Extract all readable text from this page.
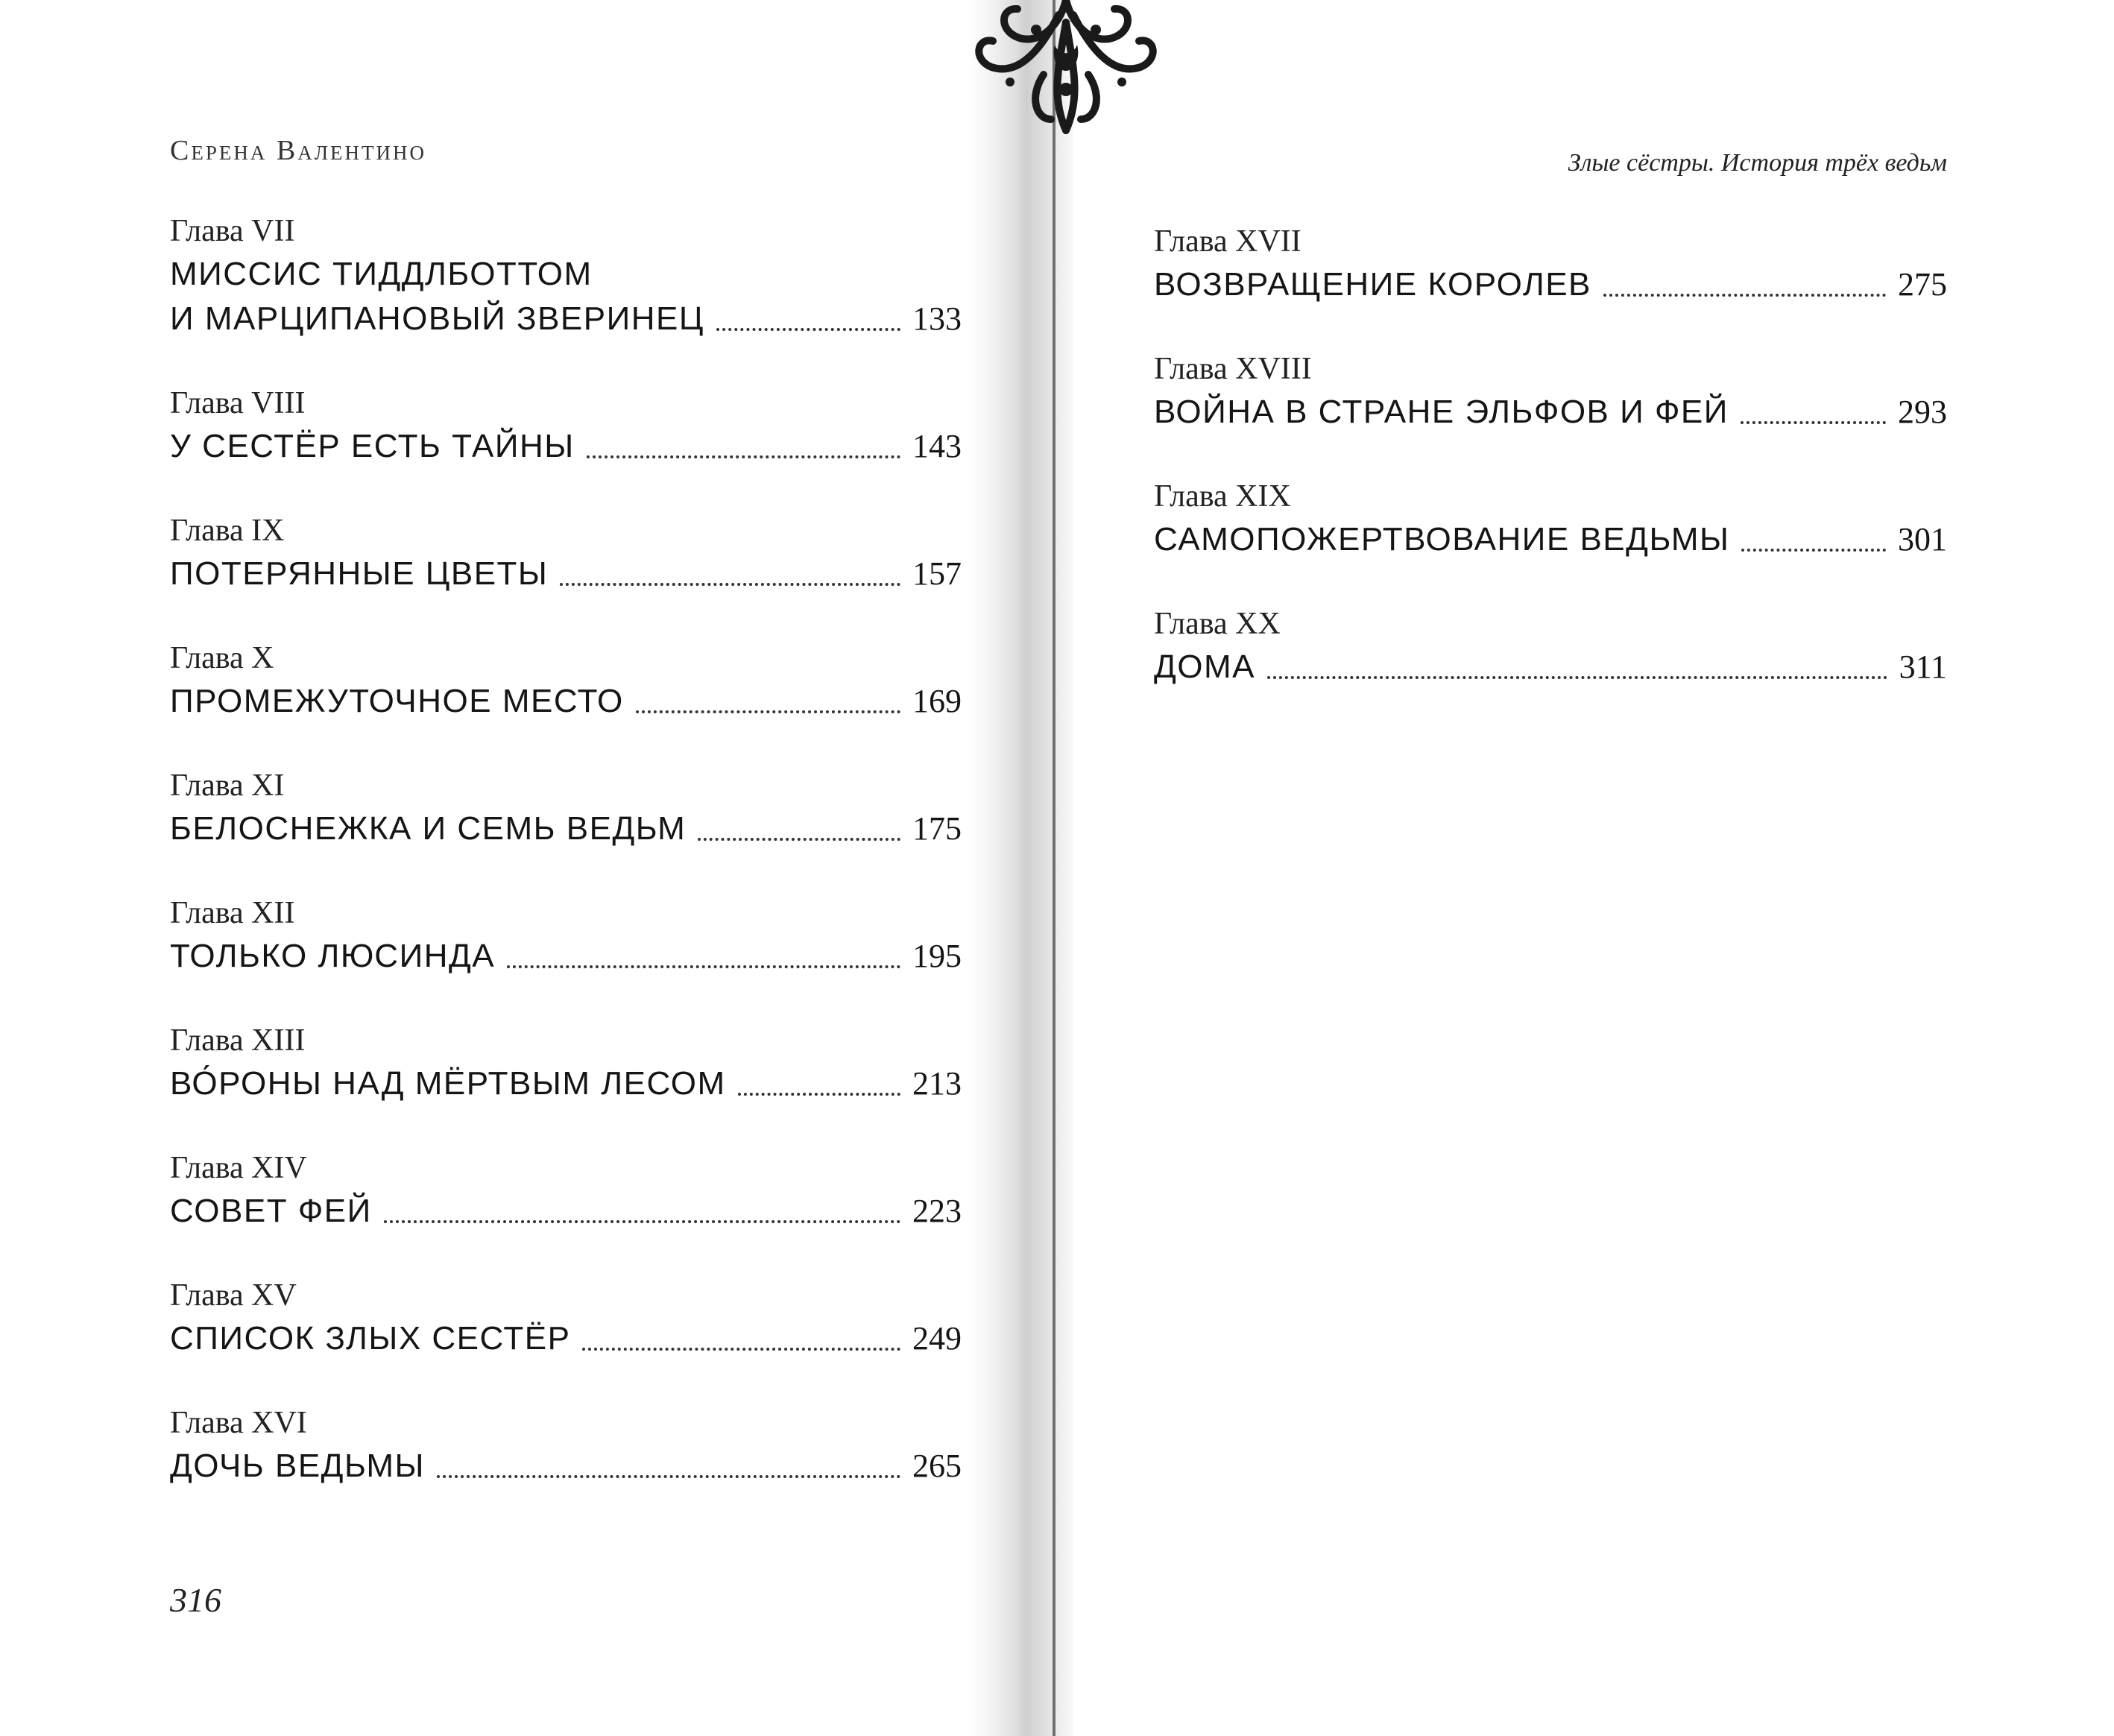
Серена Валентино	Злые сёстры. История трёх ведьм
Глава VII
МИССИС ТИДДЛБОТТОМ
И МАРЦИПАНОВЫЙ ЗВЕРИНЕЦ	133
Глава VIII
У СЕСТЁР ЕСТЬ ТАЙНЫ	143
Глава IX
ПОТЕРЯННЫЕ ЦВЕТЫ	157
Глава X
ПРОМЕЖУТОЧНОЕ МЕСТО	169
Глава XI
БЕЛОСНЕЖКА И СЕМЬ ВЕДЬМ	175
Глава XII
ТОЛЬКО ЛЮСИНДА	195
Глава XIII
ВО́РОНЫ НАД МЁРТВЫМ ЛЕСОМ	213
Глава XIV
СОВЕТ ФЕЙ	223
Глава XV
СПИСОК ЗЛЫХ СЕСТЁР	249
Глава XVI
ДОЧЬ ВЕДЬМЫ	265
Глава XVII
ВОЗВРАЩЕНИЕ КОРОЛЕВ	275
Глава XVIII
ВОЙНА В СТРАНЕ ЭЛЬФОВ И ФЕЙ	293
Глава XIX
САМОПОЖЕРТВОВАНИЕ ВЕДЬМЫ	301
Глава XX
ДОМА	311
316
